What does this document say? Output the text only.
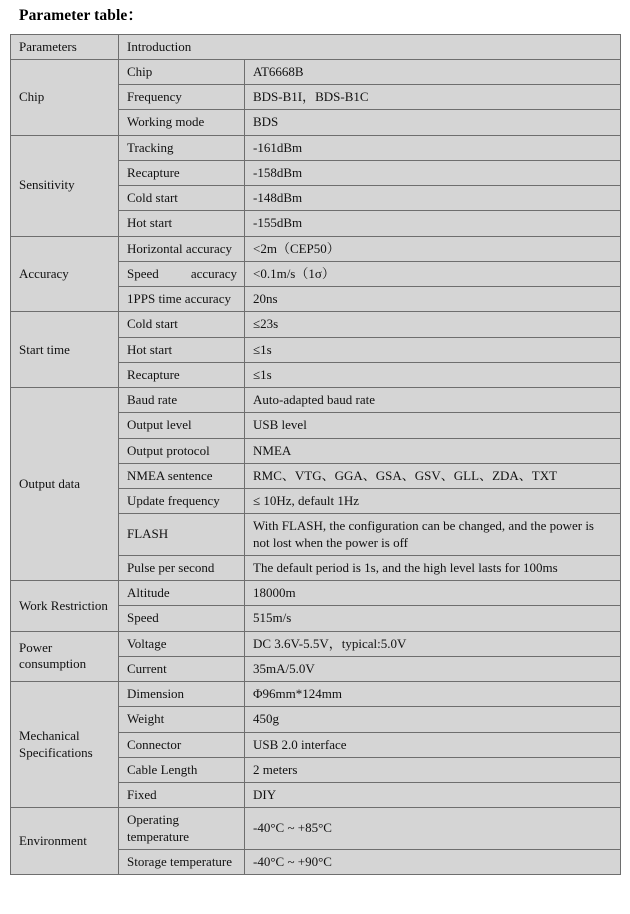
Parameter table：
Parameters	Introduction	
Chip	Chip	AT6668B
	Frequency	BDS-B1I，BDS-B1C
	Working mode	BDS
Sensitivity	Tracking	-161dBm
	Recapture	-158dBm
	Cold start	-148dBm
	Hot start	-155dBm
Accuracy	Horizontal accuracy	<2m（CEP50）

	Speed accuracy	<0.1m/s（1σ）
	1PPS time accuracy	20ns
Start time	Cold start	≤23s
	Hot start	≤1s
	Recapture	≤1s
Output data	Baud rate	Auto-adapted baud rate
	Output level	USB level
	Output protocol	NMEA
	NMEA sentence	RMC、VTG、GGA、GSA、GSV、GLL、ZDA、TXT
	Update frequency	≤ 10Hz, default 1Hz
	FLASH	With FLASH, the configuration can be changed, and the power is not lost when the power is off
	Pulse per second	The default period is 1s, and the high level lasts for 100ms
Work Restriction	Altitude	18000m
	Speed	515m/s
Power consumption	Voltage	DC 3.6V-5.5V，typical:5.0V
	Current	35mA/5.0V
Mechanical Specifications	Dimension	Φ96mm*124mm
	Weight	450g
	Connector	USB 2.0 interface
	Cable Length	2 meters
	Fixed	DIY
Environment	Operating temperature	-40°C ~ +85°C
	Storage temperature	-40°C ~ +90°C
